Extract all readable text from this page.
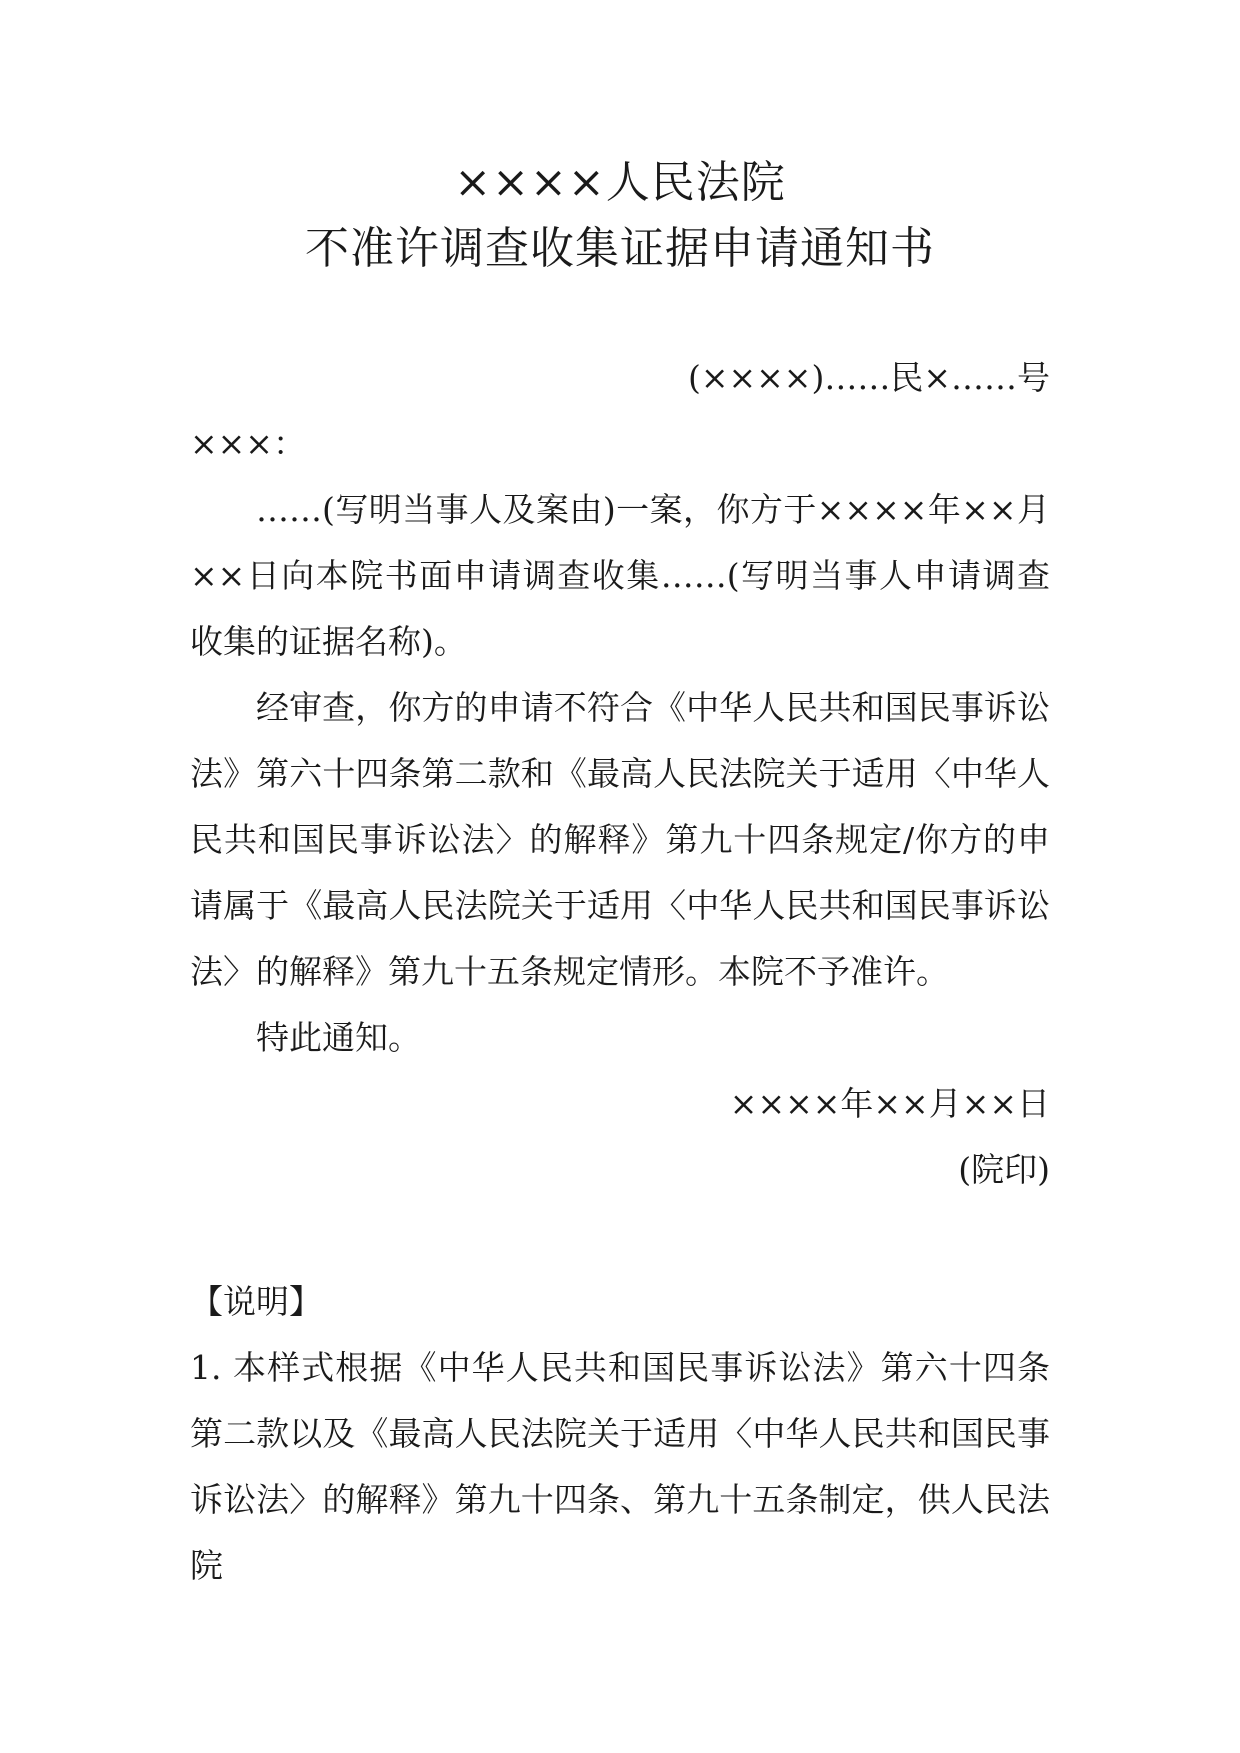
××××人民法院
不准许调查收集证据申请通知书
(××××)……民×……号
×××：

……(写明当事人及案由)一案，你方于××××年××月××日向本院书面申请调查收集……(写明当事人申请调查收集的证据名称)。

经审查，你方的申请不符合《中华人民共和国民事诉讼法》第六十四条第二款和《最高人民法院关于适用〈中华人民共和国民事诉讼法〉的解释》第九十四条规定/你方的申请属于《最高人民法院关于适用〈中华人民共和国民事诉讼法〉的解释》第九十五条规定情形。本院不予准许。

特此通知。

××××年××月××日
(院印)
【说明】

1. 本样式根据《中华人民共和国民事诉讼法》第六十四条第二款以及《最高人民法院关于适用〈中华人民共和国民事诉讼法〉的解释》第九十四条、第九十五条制定，供人民法院
